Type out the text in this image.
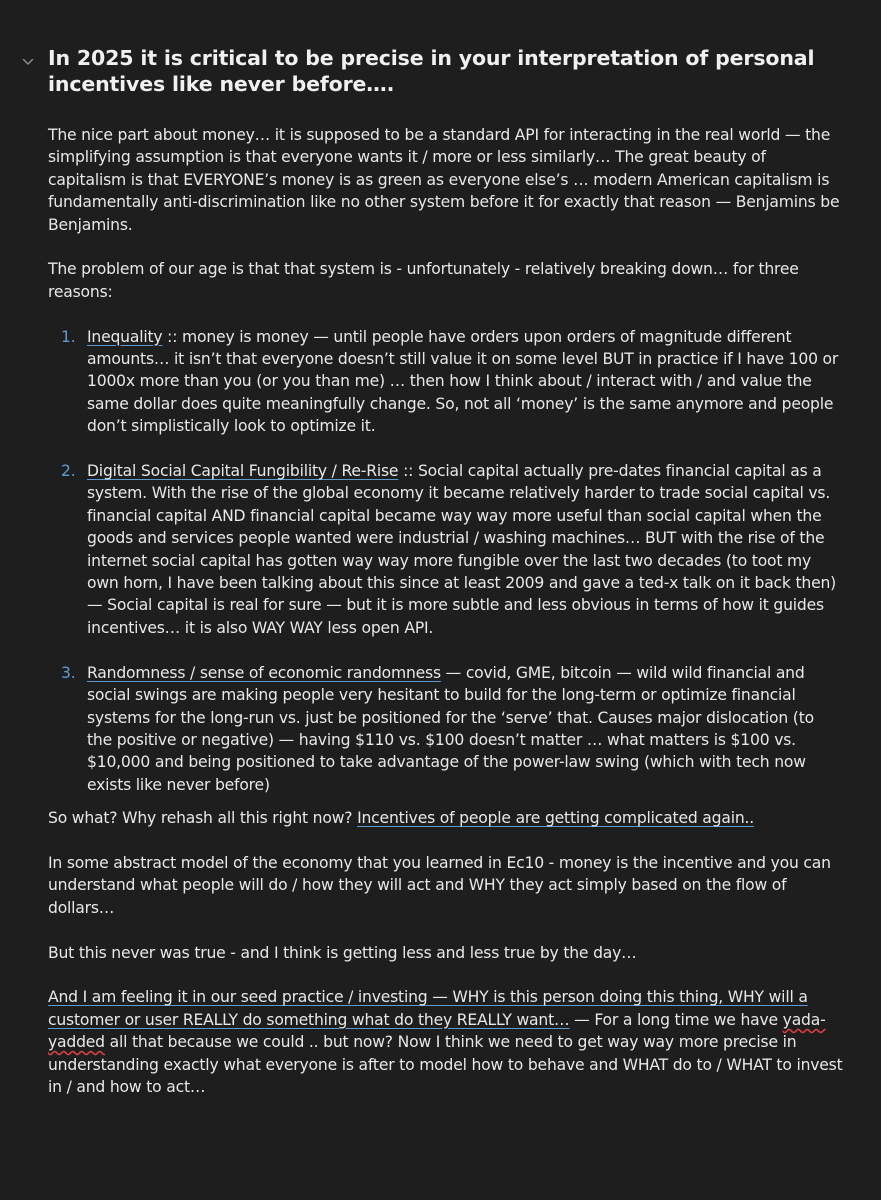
In 2025 it is critical to be precise in your interpretation of personal incentives like never before….

The nice part about money… it is supposed to be a standard API for interacting in the real world — the simplifying assumption is that everyone wants it / more or less similarly… The great beauty of capitalism is that EVERYONE’s money is as green as everyone else’s … modern American capitalism is fundamentally anti-discrimination like no other system before it for exactly that reason — Benjamins be Benjamins.

The problem of our age is that that system is - unfortunately - relatively breaking down… for three reasons:

1. Inequality :: money is money — until people have orders upon orders of magnitude different amounts… it isn’t that everyone doesn’t still value it on some level BUT in practice if I have 100 or 1000x more than you (or you than me) … then how I think about / interact with / and value the same dollar does quite meaningfully change. So, not all ‘money’ is the same anymore and people don’t simplistically look to optimize it.
2. Digital Social Capital Fungibility / Re-Rise :: Social capital actually pre-dates financial capital as a system. With the rise of the global economy it became relatively harder to trade social capital vs. financial capital AND financial capital became way way more useful than social capital when the goods and services people wanted were industrial / washing machines… BUT with the rise of the internet social capital has gotten way way more fungible over the last two decades (to toot my own horn, I have been talking about this since at least 2009 and gave a ted-x talk on it back then) — Social capital is real for sure — but it is more subtle and less obvious in terms of how it guides incentives… it is also WAY WAY less open API.
3. Randomness / sense of economic randomness — covid, GME, bitcoin — wild wild financial and social swings are making people very hesitant to build for the long-term or optimize financial systems for the long-run vs. just be positioned for the ‘serve’ that. Causes major dislocation (to the positive or negative) — having $110 vs. $100 doesn’t matter … what matters is $100 vs. $10,000 and being positioned to take advantage of the power-law swing (which with tech now exists like never before)

So what? Why rehash all this right now? Incentives of people are getting complicated again..

In some abstract model of the economy that you learned in Ec10 - money is the incentive and you can understand what people will do / how they will act and WHY they act simply based on the flow of dollars…

But this never was true - and I think is getting less and less true by the day…

And I am feeling it in our seed practice / investing — WHY is this person doing this thing, WHY will a customer or user REALLY do something what do they REALLY want… — For a long time we have yada-yadded all that because we could .. but now? Now I think we need to get way way more precise in understanding exactly what everyone is after to model how to behave and WHAT do to / WHAT to invest in / and how to act…
